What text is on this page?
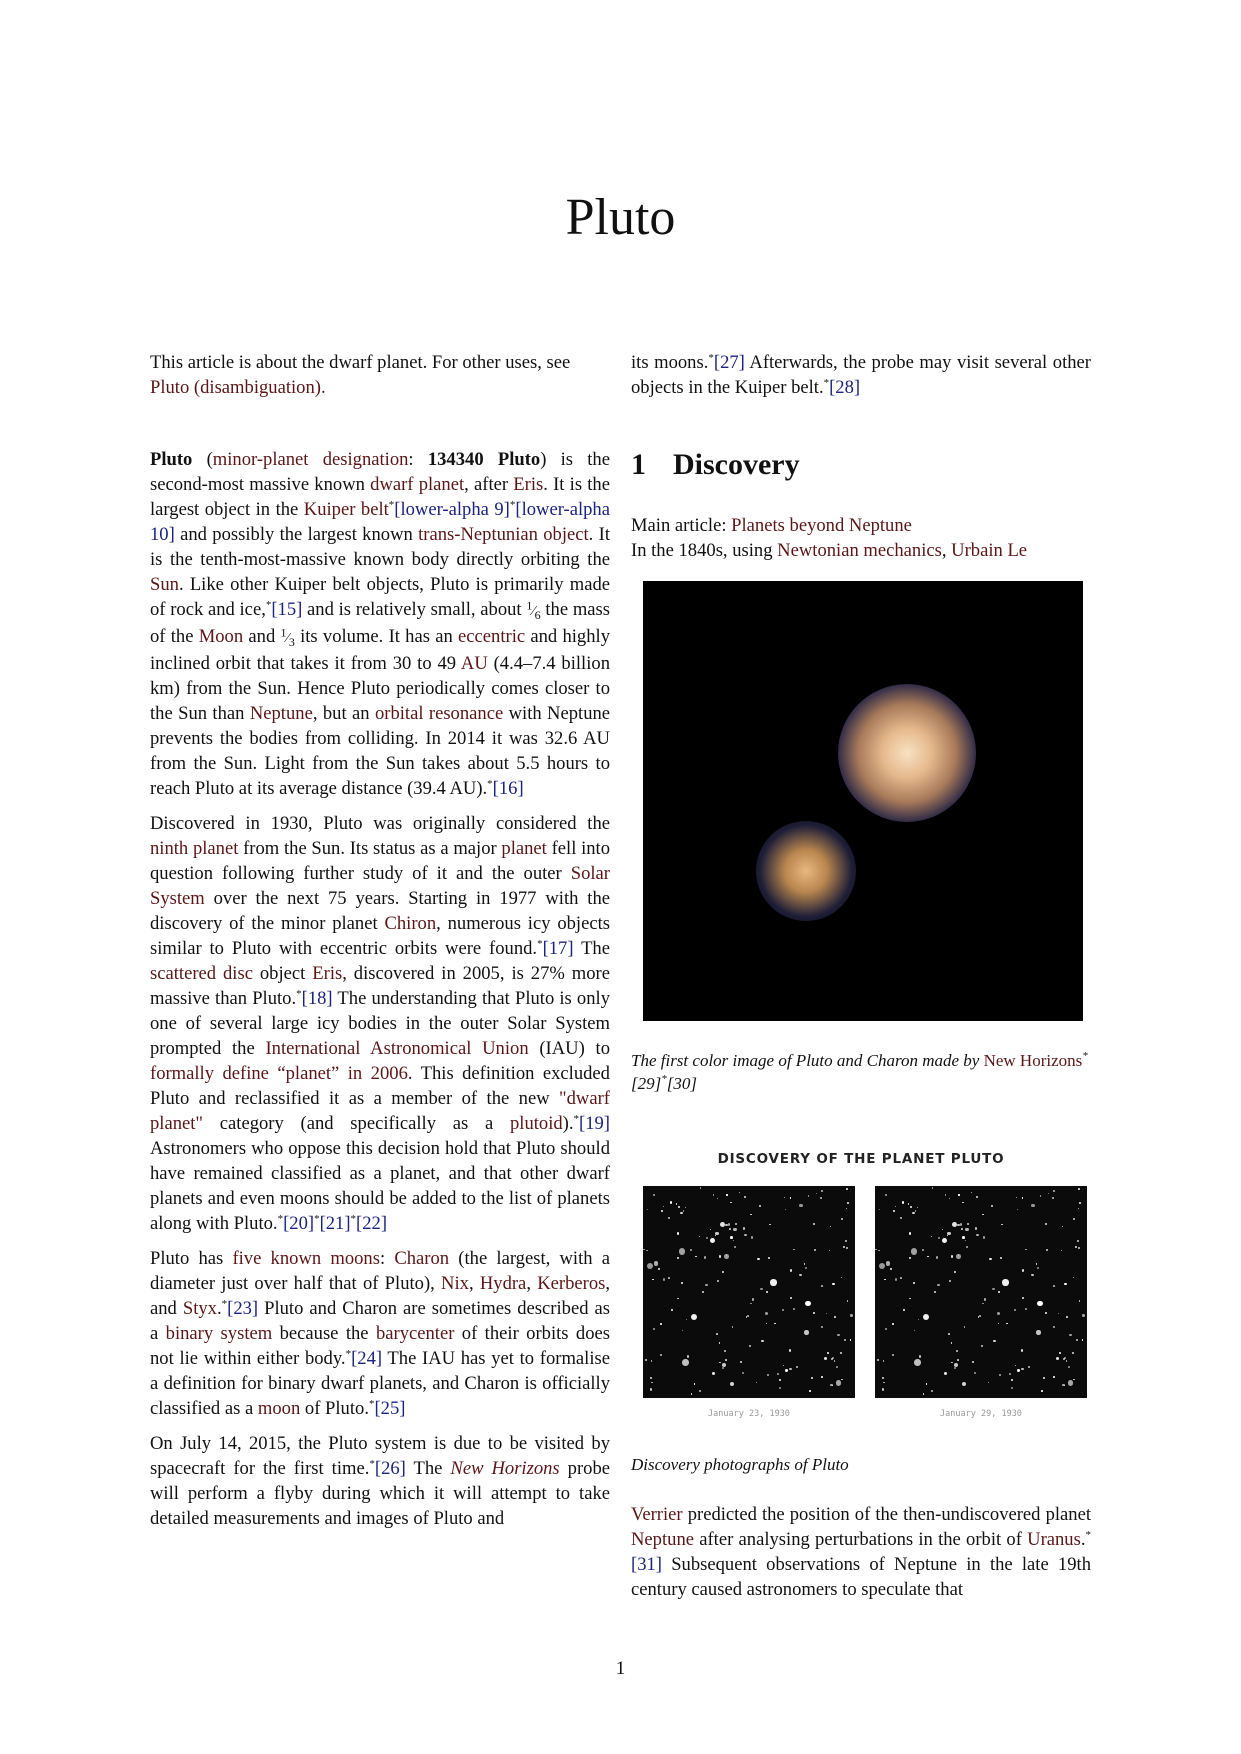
Pluto

This article is about the dwarf planet. For other uses, see Pluto (disambiguation).

Pluto (minor-planet designation: 134340 Pluto) is the second-most massive known dwarf planet, after Eris. It is the largest object in the Kuiper belt*[lower-alpha 9]*[lower-alpha 10] and possibly the largest known trans-Neptunian object. It is the tenth-most-massive known body directly orbiting the Sun. Like other Kuiper belt objects, Pluto is primarily made of rock and ice,*[15] and is relatively small, about $^1⁄_6$ the mass of the Moon and $^1⁄_3$ its volume. It has an eccentric and highly inclined orbit that takes it from 30 to 49 AU (4.4–7.4 billion km) from the Sun. Hence Pluto periodically comes closer to the Sun than Neptune, but an orbital resonance with Neptune prevents the bodies from colliding. In 2014 it was 32.6 AU from the Sun. Light from the Sun takes about 5.5 hours to reach Pluto at its average distance (39.4 AU).*[16]

Discovered in 1930, Pluto was originally considered the ninth planet from the Sun. Its status as a major planet fell into question following further study of it and the outer Solar System over the next 75 years. Starting in 1977 with the discovery of the minor planet Chiron, numerous icy objects similar to Pluto with eccentric orbits were found.*[17] The scattered disc object Eris, discovered in 2005, is 27% more massive than Pluto.*[18] The understanding that Pluto is only one of several large icy bodies in the outer Solar System prompted the International Astronomical Union (IAU) to formally define “planet” in 2006. This definition excluded Pluto and reclassified it as a member of the new "dwarf planet" category (and specifically as a plutoid).*[19] Astronomers who oppose this decision hold that Pluto should have remained classified as a planet, and that other dwarf planets and even moons should be added to the list of planets along with Pluto.*[20]*[21]*[22]

Pluto has five known moons: Charon (the largest, with a diameter just over half that of Pluto), Nix, Hydra, Kerberos, and Styx.*[23] Pluto and Charon are sometimes described as a binary system because the barycenter of their orbits does not lie within either body.*[24] The IAU has yet to formalise a definition for binary dwarf planets, and Charon is officially classified as a moon of Pluto.*[25]

On July 14, 2015, the Pluto system is due to be visited by spacecraft for the first time.*[26] The New Horizons probe will perform a flyby during which it will attempt to take detailed measurements and images of Pluto and

its moons.*[27] Afterwards, the probe may visit several other objects in the Kuiper belt.*[28]

1 Discovery

Main article: Planets beyond Neptune

In the 1840s, using Newtonian mechanics, Urbain Le

The first color image of Pluto and Charon made by New Horizons*[29]*[30]

DISCOVERY OF THE PLANET PLUTO
January 23, 1930	January 29, 1930

Discovery photographs of Pluto

Verrier predicted the position of the then-undiscovered planet Neptune after analysing perturbations in the orbit of Uranus.*[31] Subsequent observations of Neptune in the late 19th century caused astronomers to speculate that

1
